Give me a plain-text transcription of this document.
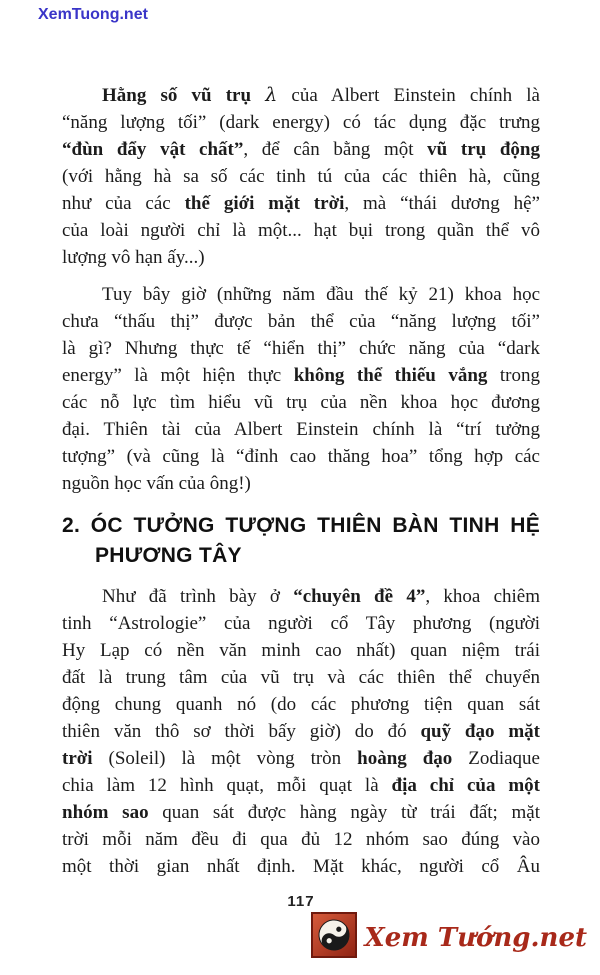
XemTuong.net

Hằng số vũ trụ λ của Albert Einstein chính là
“năng lượng tối” (dark energy) có tác dụng đặc trưng
“đùn đẩy vật chất”, để cân bằng một vũ trụ động
(với hằng hà sa số các tinh tú của các thiên hà, cũng
như của các thế giới mặt trời, mà “thái dương hệ”
của loài người chỉ là một... hạt bụi trong quần thể vô
lượng vô hạn ấy...)

Tuy bây giờ (những năm đầu thế kỷ 21) khoa học
chưa “thấu thị” được bản thể của “năng lượng tối”
là gì? Nhưng thực tế “hiển thị” chức năng của “dark
energy” là một hiện thực không thể thiếu vắng trong
các nỗ lực tìm hiểu vũ trụ của nền khoa học đương
đại. Thiên tài của Albert Einstein chính là “trí tưởng
tượng” (và cũng là “đỉnh cao thăng hoa” tổng hợp các
nguồn học vấn của ông!)

2. ÓC TƯỞNG TƯỢNG THIÊN BÀN TINH HỆ
PHƯƠNG TÂY

Như đã trình bày ở “chuyên đề 4”, khoa chiêm
tinh “Astrologie” của người cổ Tây phương (người
Hy Lạp có nền văn minh cao nhất) quan niệm trái
đất là trung tâm của vũ trụ và các thiên thể chuyển
động chung quanh nó (do các phương tiện quan sát
thiên văn thô sơ thời bấy giờ) do đó quỹ đạo mặt
trời (Soleil) là một vòng tròn hoàng đạo Zodiaque
chia làm 12 hình quạt, mỗi quạt là địa chỉ của một
nhóm sao quan sát được hàng ngày từ trái đất; mặt
trời mỗi năm đều đi qua đủ 12 nhóm sao đúng vào
một thời gian nhất định. Mặt khác, người cổ Âu

117
Xem Tướng.net
